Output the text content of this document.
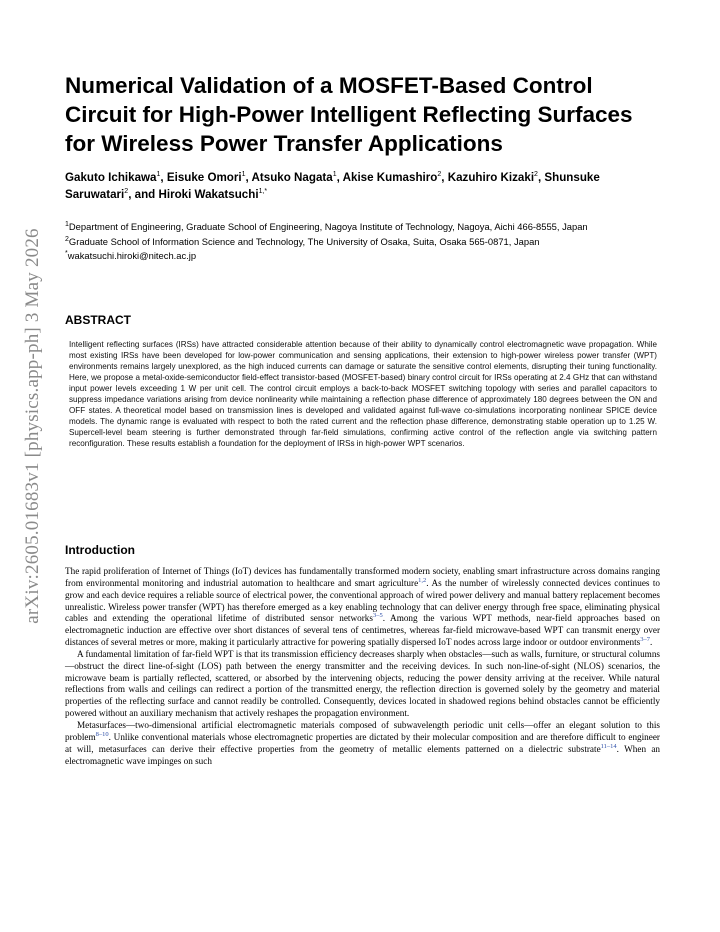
arXiv:2605.01683v1 [physics.app-ph] 3 May 2026
Numerical Validation of a MOSFET-Based Control Circuit for High-Power Intelligent Reflecting Surfaces for Wireless Power Transfer Applications
Gakuto Ichikawa$^1$, Eisuke Omori$^1$, Atsuko Nagata$^1$, Akise Kumashiro$^2$, Kazuhiro Kizaki$^2$, Shunsuke Saruwatari$^2$, and Hiroki Wakatsuchi$^{1,*}$
$^1$Department of Engineering, Graduate School of Engineering, Nagoya Institute of Technology, Nagoya, Aichi 466-8555, Japan
$^2$Graduate School of Information Science and Technology, The University of Osaka, Suita, Osaka 565-0871, Japan
*wakatsuchi.hiroki@nitech.ac.jp
ABSTRACT

Intelligent reflecting surfaces (IRSs) have attracted considerable attention because of their ability to dynamically control electromagnetic wave propagation. While most existing IRSs have been developed for low-power communication and sensing applications, their extension to high-power wireless power transfer (WPT) environments remains largely unexplored, as the high induced currents can damage or saturate the sensitive control elements, disrupting their tuning functionality. Here, we propose a metal-oxide-semiconductor field-effect transistor-based (MOSFET-based) binary control circuit for IRSs operating at 2.4 GHz that can withstand input power levels exceeding 1 W per unit cell. The control circuit employs a back-to-back MOSFET switching topology with series and parallel capacitors to suppress impedance variations arising from device nonlinearity while maintaining a reflection phase difference of approximately 180 degrees between the ON and OFF states. A theoretical model based on transmission lines is developed and validated against full-wave co-simulations incorporating nonlinear SPICE device models. The dynamic range is evaluated with respect to both the rated current and the reflection phase difference, demonstrating stable operation up to 1.25 W. Supercell-level beam steering is further demonstrated through far-field simulations, confirming active control of the reflection angle via switching pattern reconfiguration. These results establish a foundation for the deployment of IRSs in high-power WPT scenarios.

Introduction

The rapid proliferation of Internet of Things (IoT) devices has fundamentally transformed modern society, enabling smart infrastructure across domains ranging from environmental monitoring and industrial automation to healthcare and smart agriculture$^{1,2}$. As the number of wirelessly connected devices continues to grow and each device requires a reliable source of electrical power, the conventional approach of wired power delivery and manual battery replacement becomes unrealistic. Wireless power transfer (WPT) has therefore emerged as a key enabling technology that can deliver energy through free space, eliminating physical cables and extending the operational lifetime of distributed sensor networks$^{3-5}$. Among the various WPT methods, near-field approaches based on electromagnetic induction are effective over short distances of several tens of centimetres, whereas far-field microwave-based WPT can transmit energy over distances of several metres or more, making it particularly attractive for powering spatially dispersed IoT nodes across large indoor or outdoor environments$^{3-7}$.

A fundamental limitation of far-field WPT is that its transmission efficiency decreases sharply when obstacles—such as walls, furniture, or structural columns—obstruct the direct line-of-sight (LOS) path between the energy transmitter and the receiving devices. In such non-line-of-sight (NLOS) scenarios, the microwave beam is partially reflected, scattered, or absorbed by the intervening objects, reducing the power density arriving at the receiver. While natural reflections from walls and ceilings can redirect a portion of the transmitted energy, the reflection direction is governed solely by the geometry and material properties of the reflecting surface and cannot readily be controlled. Consequently, devices located in shadowed regions behind obstacles cannot be efficiently powered without an auxiliary mechanism that actively reshapes the propagation environment.

Metasurfaces—two-dimensional artificial electromagnetic materials composed of subwavelength periodic unit cells—offer an elegant solution to this problem$^{8-10}$. Unlike conventional materials whose electromagnetic properties are dictated by their molecular composition and are therefore difficult to engineer at will, metasurfaces can derive their effective properties from the geometry of metallic elements patterned on a dielectric substrate$^{11-14}$. When an electromagnetic wave impinges on such
